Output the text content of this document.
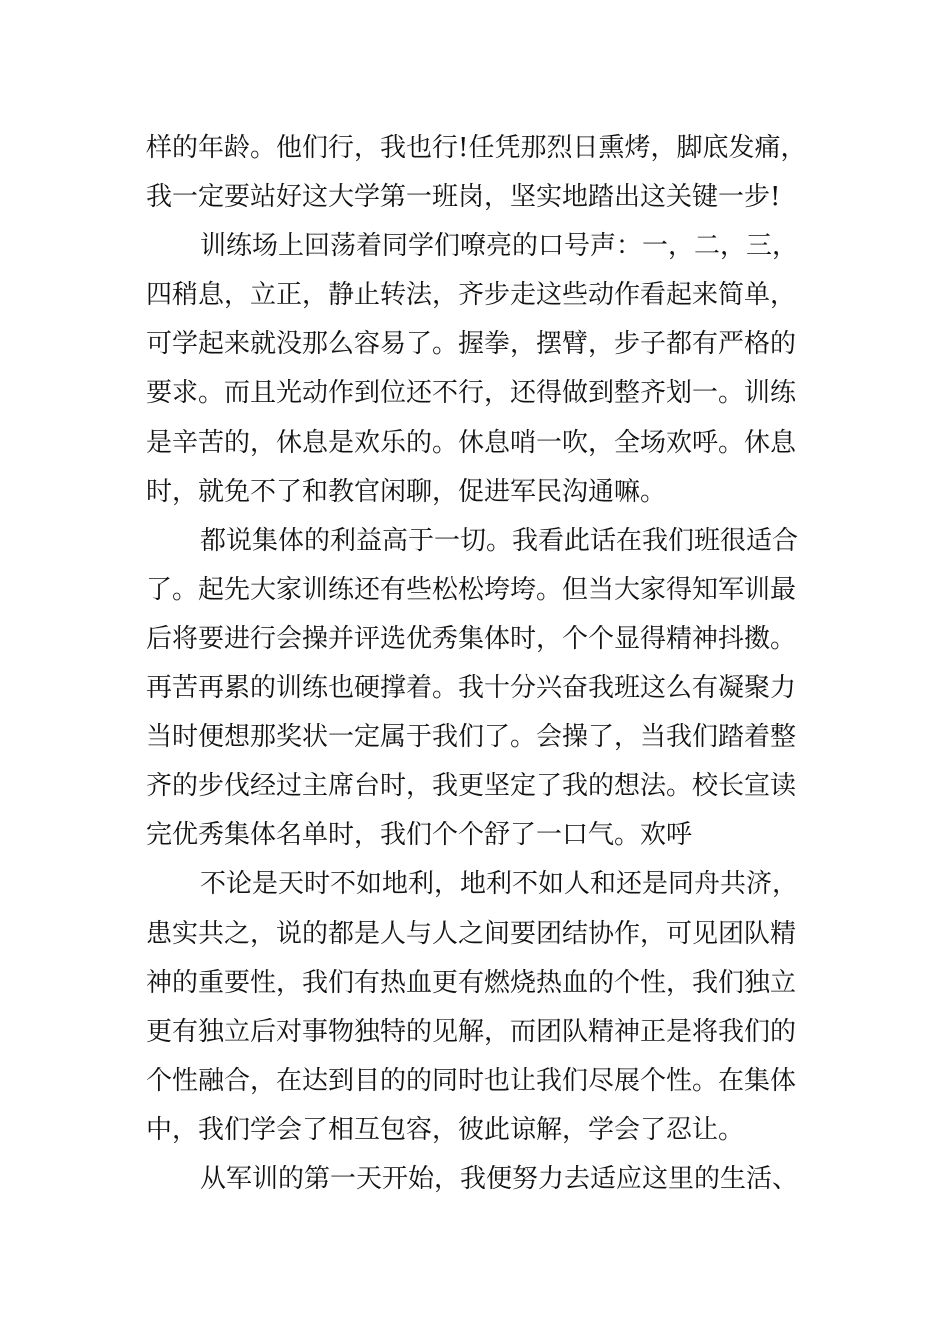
样的年龄。他们行，我也行!任凭那烈日熏烤，脚底发痛，
我一定要站好这大学第一班岗，坚实地踏出这关键一步!
训练场上回荡着同学们嘹亮的口号声：一，二，三，
四稍息，立正，静止转法，齐步走这些动作看起来简单，
可学起来就没那么容易了。握拳，摆臂，步子都有严格的
要求。而且光动作到位还不行，还得做到整齐划一。训练
是辛苦的，休息是欢乐的。休息哨一吹，全场欢呼。休息
时，就免不了和教官闲聊，促进军民沟通嘛。
都说集体的利益高于一切。我看此话在我们班很适合
了。起先大家训练还有些松松垮垮。但当大家得知军训最
后将要进行会操并评选优秀集体时，个个显得精神抖擞。
再苦再累的训练也硬撑着。我十分兴奋我班这么有凝聚力
当时便想那奖状一定属于我们了。会操了，当我们踏着整
齐的步伐经过主席台时，我更坚定了我的想法。校长宣读
完优秀集体名单时，我们个个舒了一口气。欢呼
不论是天时不如地利，地利不如人和还是同舟共济，
患实共之，说的都是人与人之间要团结协作，可见团队精
神的重要性，我们有热血更有燃烧热血的个性，我们独立
更有独立后对事物独特的见解，而团队精神正是将我们的
个性融合，在达到目的的同时也让我们尽展个性。在集体
中，我们学会了相互包容，彼此谅解，学会了忍让。
从军训的第一天开始，我便努力去适应这里的生活、
